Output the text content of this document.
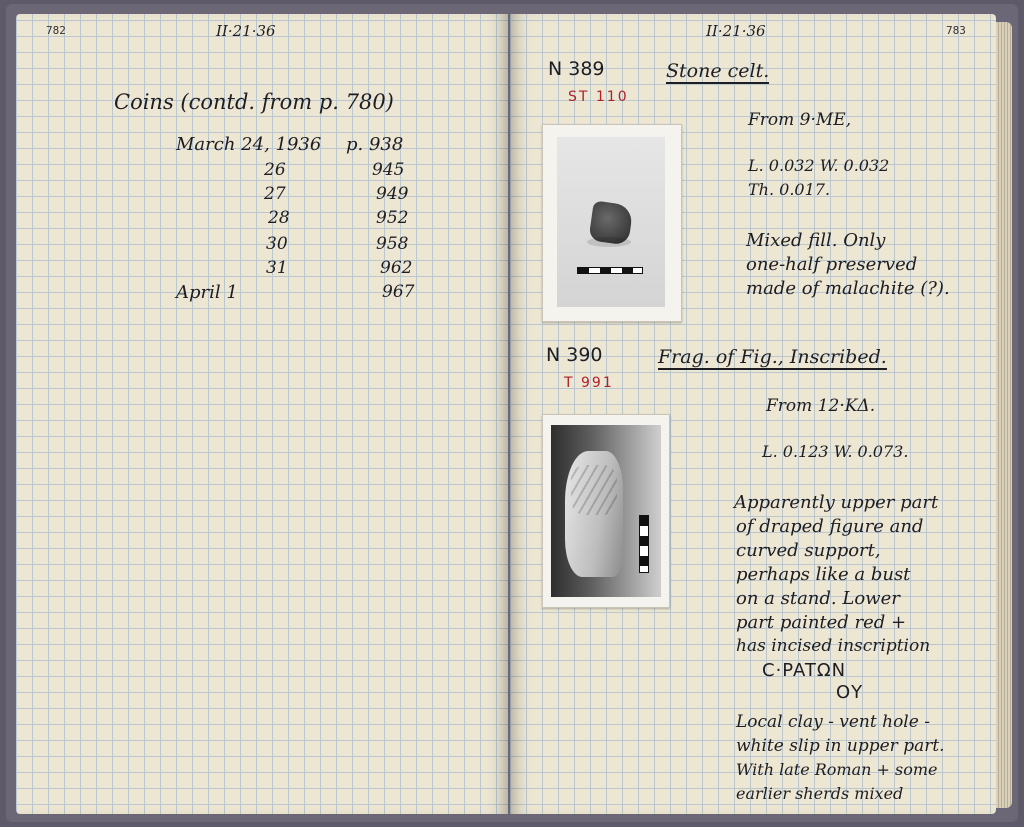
782	II·21·36
Coins (contd. from p. 780)
March 24, 1936 p. 938
26	945
27	949
28	952
30	958
31	962
April 1	967
II·21·36	783
N 389
ST 110
Stone celt.
From 9·ME,
L. 0.032 W. 0.032
Th. 0.017.
Mixed fill. Only
one-half preserved
made of malachite (?).
N 390
T 991
Frag. of Fig., Inscribed.
From 12·KΔ.
L. 0.123 W. 0.073.
Apparently upper part
of draped figure and
curved support,
perhaps like a bust
on a stand. Lower
part painted red +
has incised inscription
C·PATΩN
OY
Local clay - vent hole -
white slip in upper part.
With late Roman + some
earlier sherds mixed
